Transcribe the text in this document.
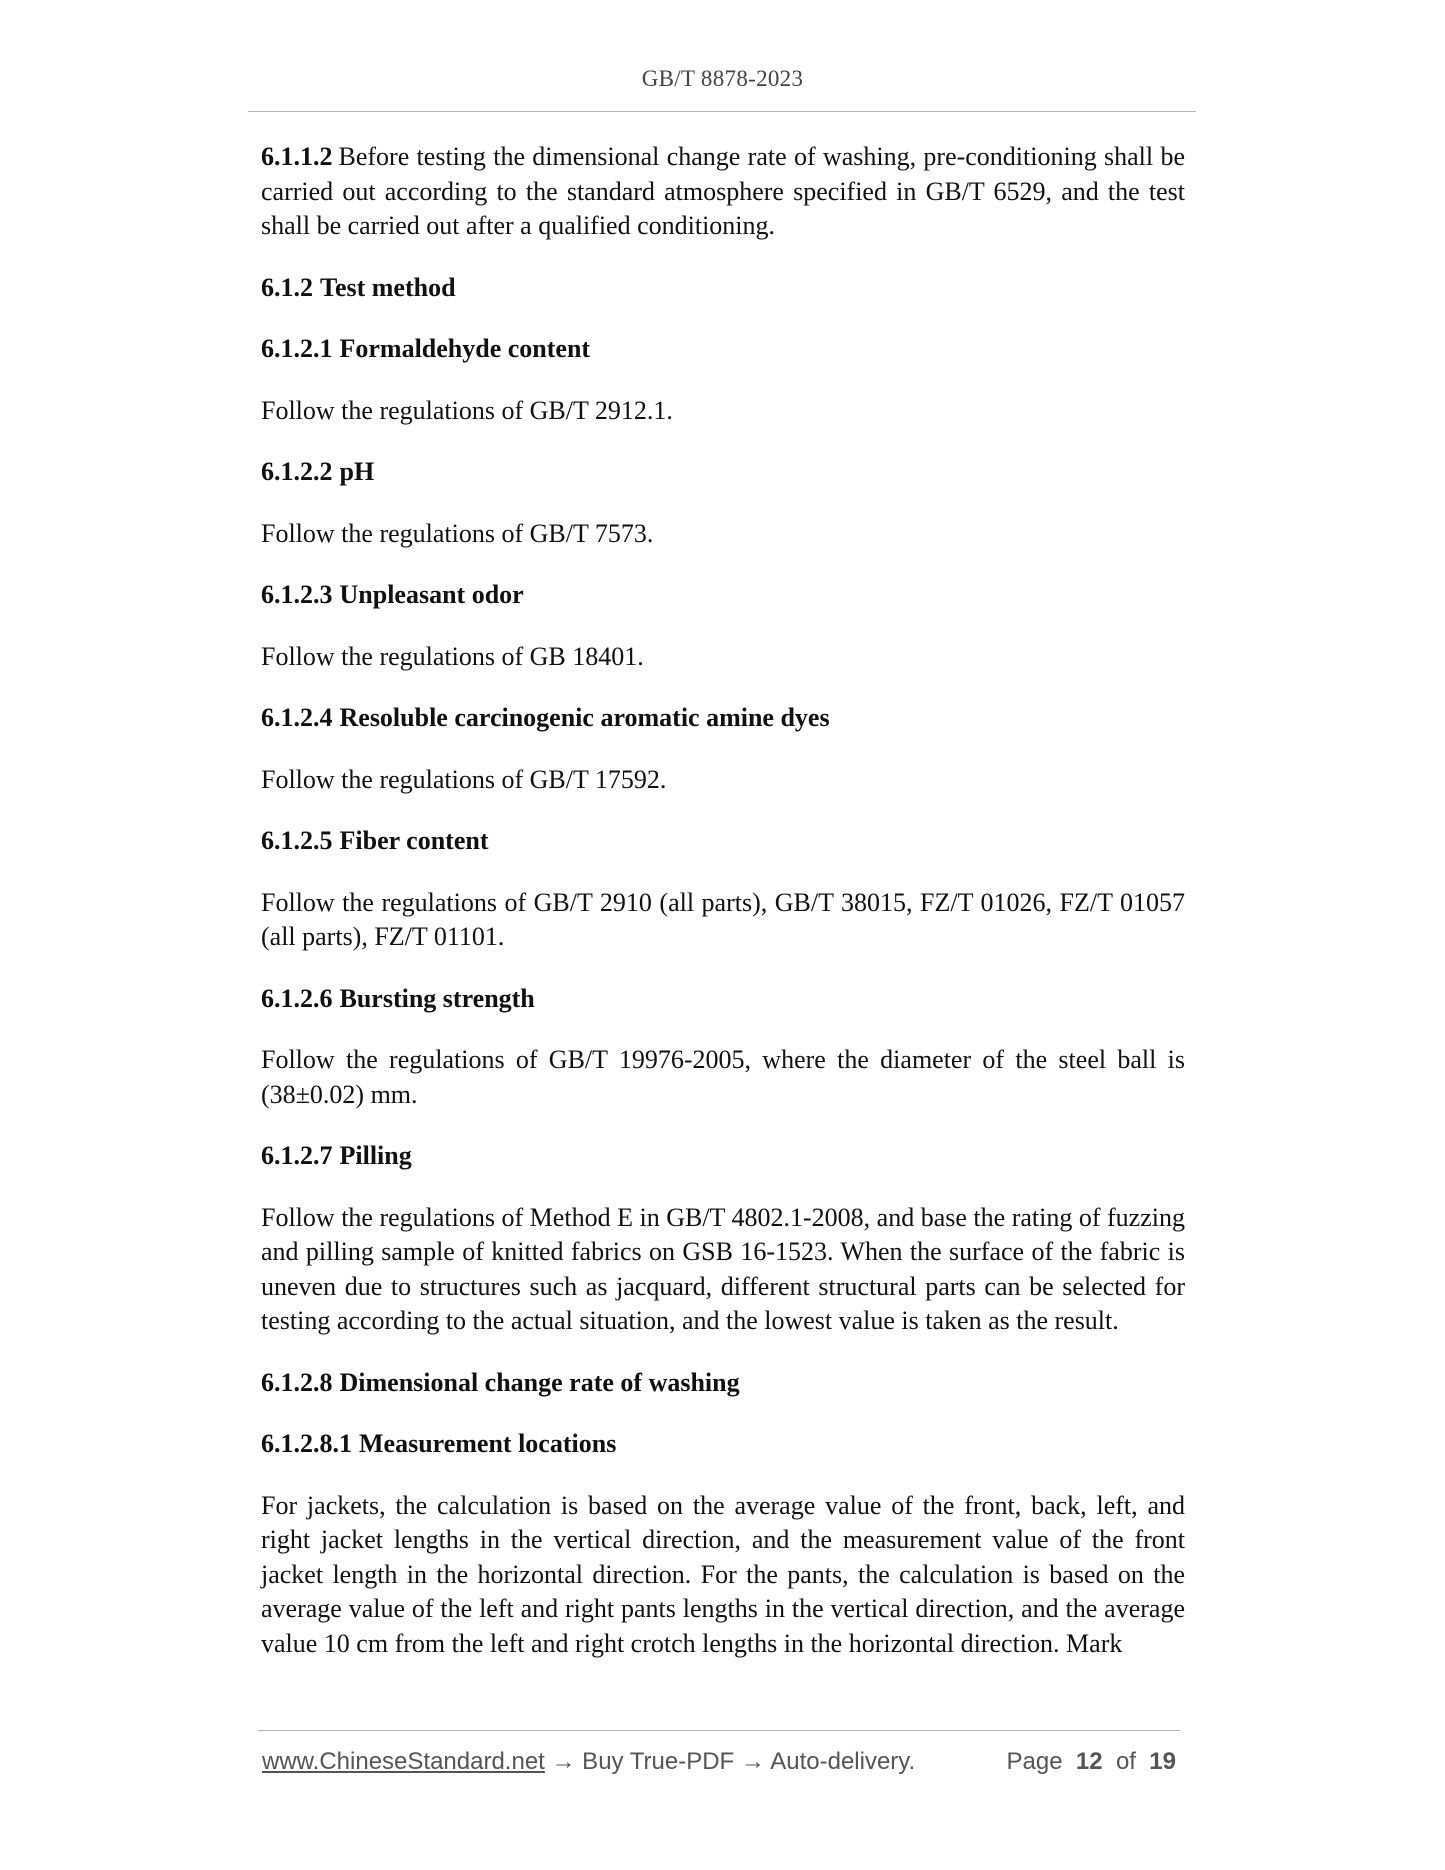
GB/T 8878-2023

6.1.1.2 Before testing the dimensional change rate of washing, pre-conditioning shall be carried out according to the standard atmosphere specified in GB/T 6529, and the test shall be carried out after a qualified conditioning.

6.1.2 Test method

6.1.2.1 Formaldehyde content

Follow the regulations of GB/T 2912.1.

6.1.2.2 pH

Follow the regulations of GB/T 7573.

6.1.2.3 Unpleasant odor

Follow the regulations of GB 18401.

6.1.2.4 Resoluble carcinogenic aromatic amine dyes

Follow the regulations of GB/T 17592.

6.1.2.5 Fiber content

Follow the regulations of GB/T 2910 (all parts), GB/T 38015, FZ/T 01026, FZ/T 01057 (all parts), FZ/T 01101.

6.1.2.6 Bursting strength

Follow the regulations of GB/T 19976-2005, where the diameter of the steel ball is (38±0.02) mm.

6.1.2.7 Pilling

Follow the regulations of Method E in GB/T 4802.1-2008, and base the rating of fuzzing and pilling sample of knitted fabrics on GSB 16-1523. When the surface of the fabric is uneven due to structures such as jacquard, different structural parts can be selected for testing according to the actual situation, and the lowest value is taken as the result.

6.1.2.8 Dimensional change rate of washing

6.1.2.8.1 Measurement locations

For jackets, the calculation is based on the average value of the front, back, left, and right jacket lengths in the vertical direction, and the measurement value of the front jacket length in the horizontal direction. For the pants, the calculation is based on the average value of the left and right pants lengths in the vertical direction, and the average value 10 cm from the left and right crotch lengths in the horizontal direction. Mark

www.ChineseStandard.net → Buy True-PDF → Auto-delivery.	Page 12 of 19
